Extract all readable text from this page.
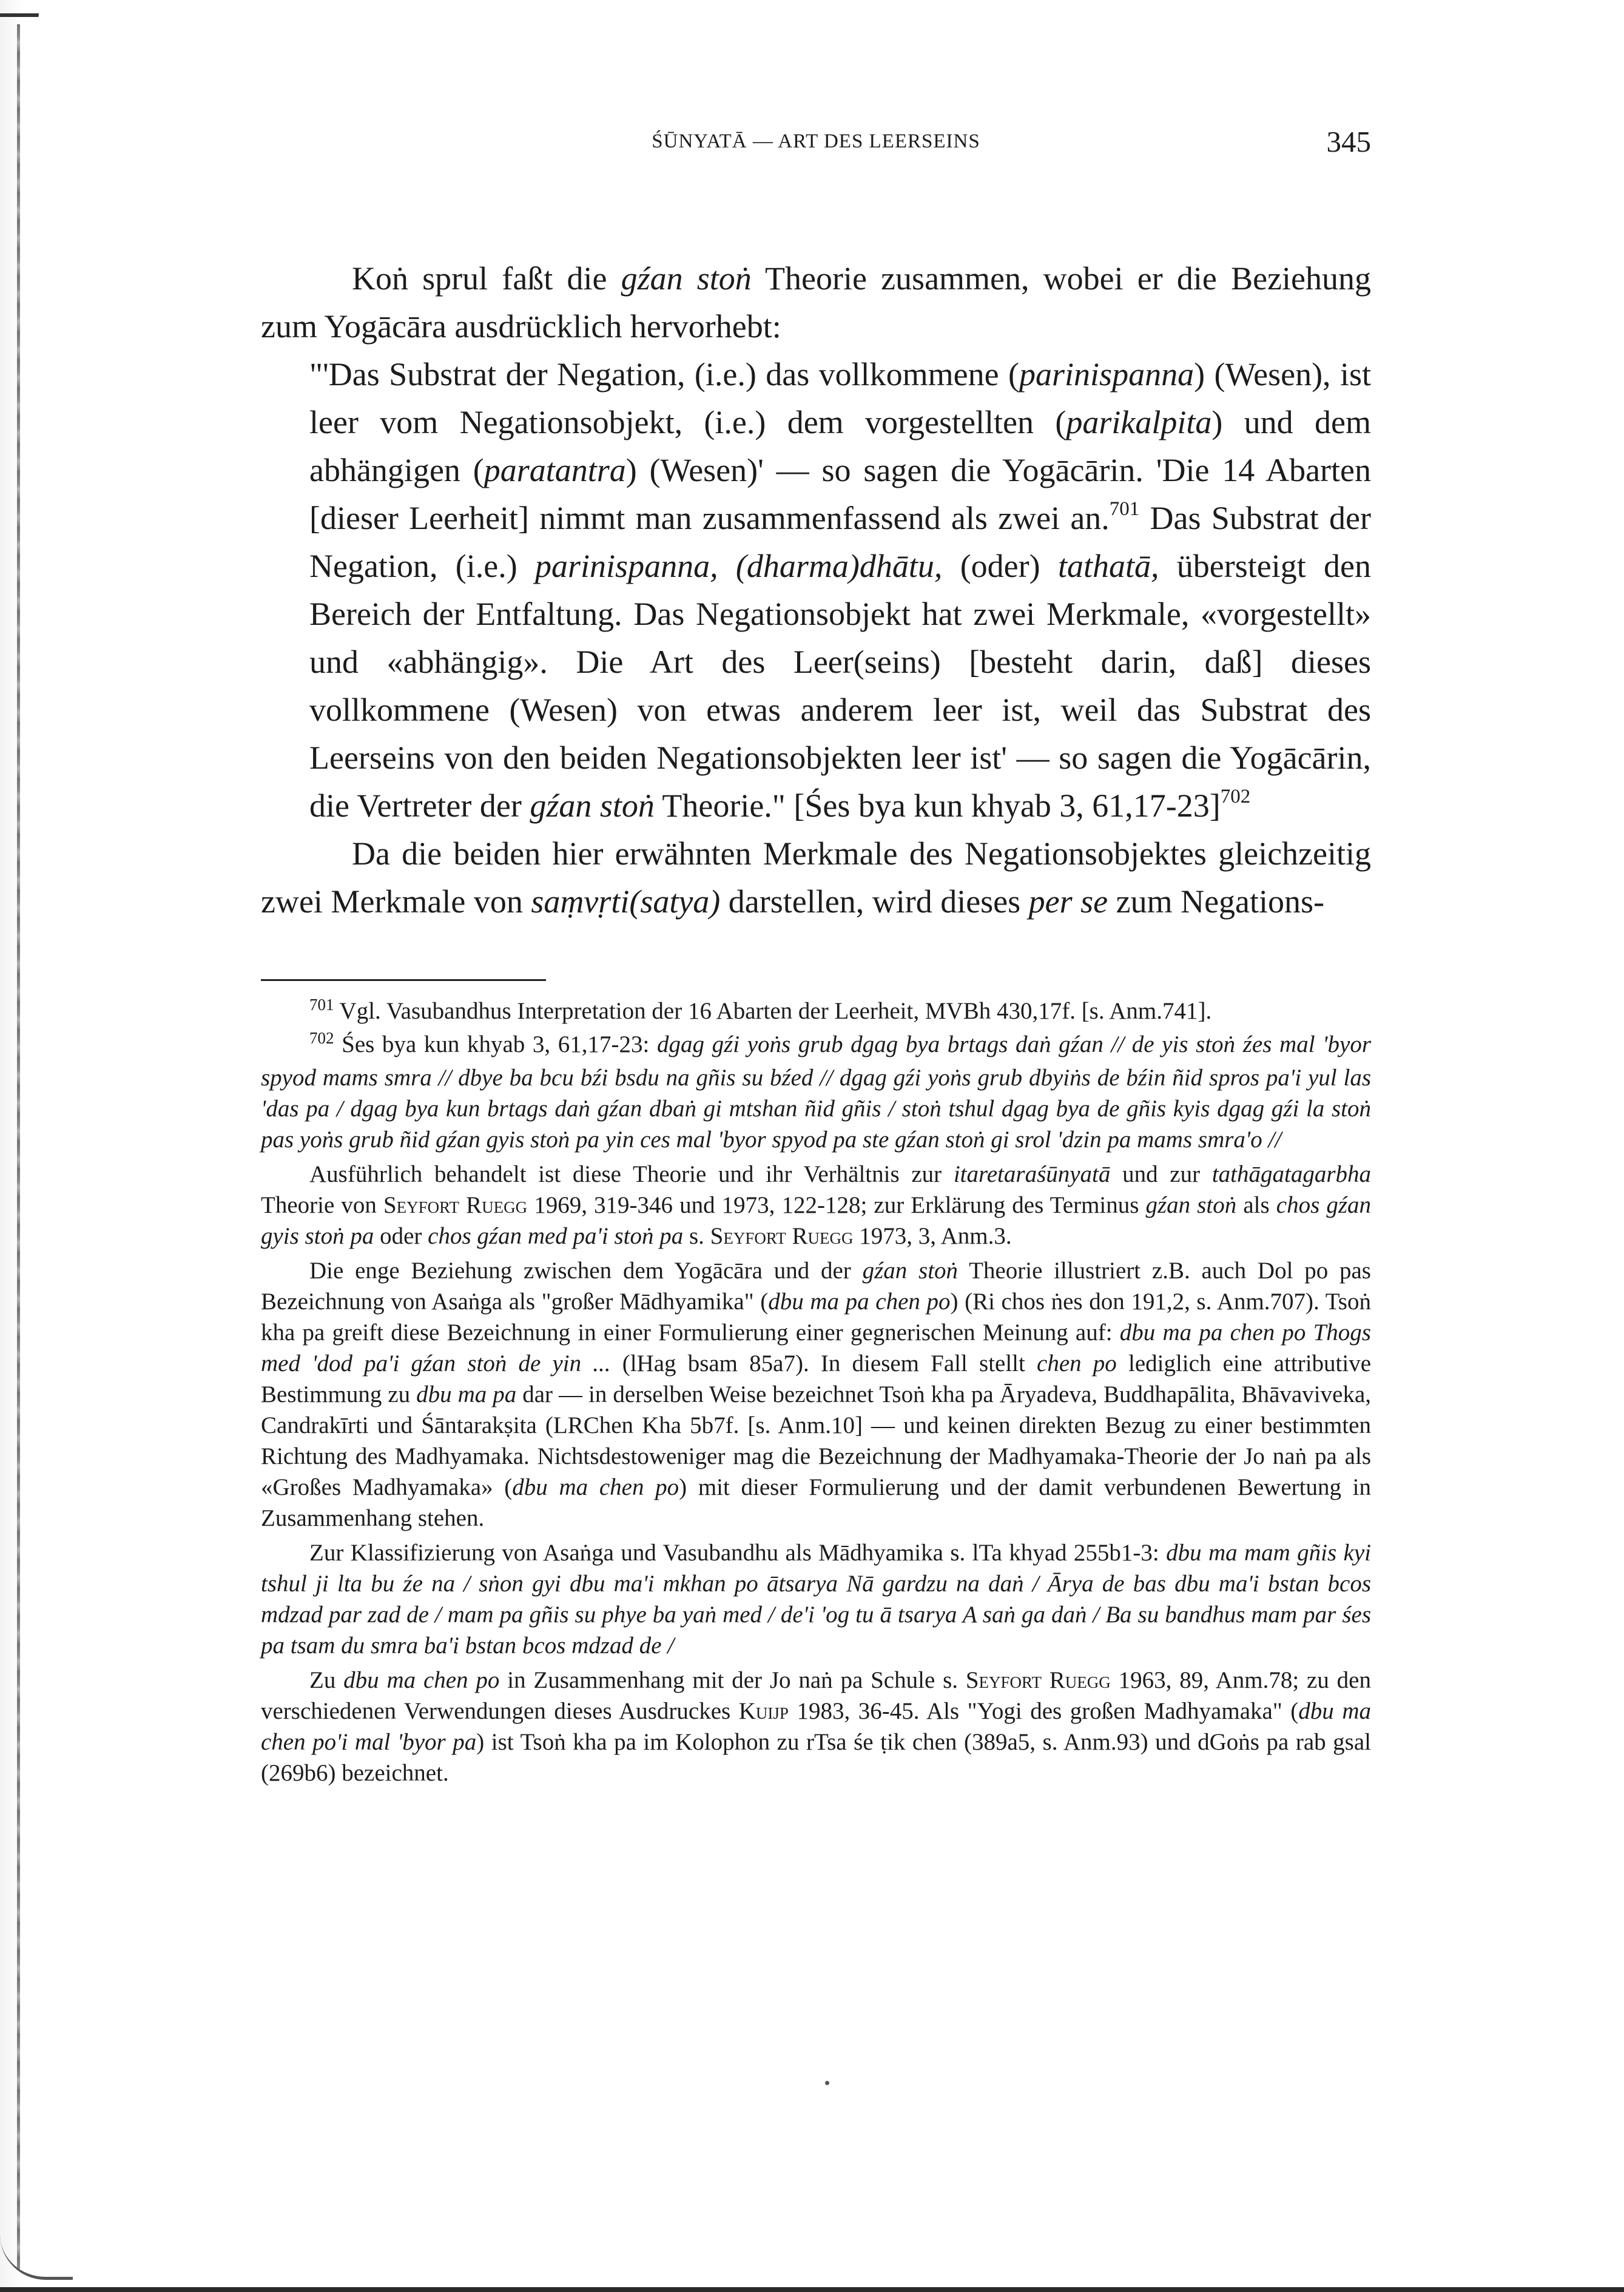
ŚŪNYATĀ — ART DES LEERSEINS	345

Koṅ sprul faßt die gźan stoṅ Theorie zusammen, wobei er die Beziehung zum Yogācāra ausdrücklich hervorhebt:

"'Das Substrat der Negation, (i.e.) das vollkommene (parinispanna) (Wesen), ist leer vom Negationsobjekt, (i.e.) dem vorgestellten (parikalpita) und dem abhängigen (paratantra) (Wesen)' — so sagen die Yogācārin. 'Die 14 Abarten [dieser Leerheit] nimmt man zusammenfassend als zwei an.$^{701}$ Das Substrat der Negation, (i.e.) parinispanna, (dharma)dhātu, (oder) tathatā, übersteigt den Bereich der Entfaltung. Das Negationsobjekt hat zwei Merkmale, «vorgestellt» und «abhängig». Die Art des Leer(seins) [besteht darin, daß] dieses vollkommene (Wesen) von etwas anderem leer ist, weil das Substrat des Leerseins von den beiden Negationsobjekten leer ist' — so sagen die Yogācārin, die Vertreter der gźan stoṅ Theorie." [Śes bya kun khyab 3, 61,17-23]$^{702}$

Da die beiden hier erwähnten Merkmale des Negationsobjektes gleichzeitig zwei Merkmale von saṃvṛti(satya) darstellen, wird dieses per se zum Negations-

$^{701}$ Vgl. Vasubandhus Interpretation der 16 Abarten der Leerheit, MVBh 430,17f. [s. Anm.741].

$^{702}$ Śes bya kun khyab 3, 61,17-23: dgag gźi yoṅs grub dgag bya brtags daṅ gźan // de yis stoṅ źes mal 'byor spyod mams smra // dbye ba bcu bźi bsdu na gñis su bźed // dgag gźi yoṅs grub dbyiṅs de bźin ñid spros pa'i yul las 'das pa / dgag bya kun brtags daṅ gźan dbaṅ gi mtshan ñid gñis / stoṅ tshul dgag bya de gñis kyis dgag gźi la stoṅ pas yoṅs grub ñid gźan gyis stoṅ pa yin ces mal 'byor spyod pa ste gźan stoṅ gi srol 'dzin pa mams smra'o //

Ausführlich behandelt ist diese Theorie und ihr Verhältnis zur itaretaraśūnyatā und zur tathāgatagarbha Theorie von Seyfort Ruegg 1969, 319-346 und 1973, 122-128; zur Erklärung des Terminus gźan stoṅ als chos gźan gyis stoṅ pa oder chos gźan med pa'i stoṅ pa s. Seyfort Ruegg 1973, 3, Anm.3.

Die enge Beziehung zwischen dem Yogācāra und der gźan stoṅ Theorie illustriert z.B. auch Dol po pas Bezeichnung von Asaṅga als "großer Mādhyamika" (dbu ma pa chen po) (Ri chos ṅes don 191,2, s. Anm.707). Tsoṅ kha pa greift diese Bezeichnung in einer Formulierung einer gegnerischen Meinung auf: dbu ma pa chen po Thogs med 'dod pa'i gźan stoṅ de yin ... (lHag bsam 85a7). In diesem Fall stellt chen po lediglich eine attributive Bestimmung zu dbu ma pa dar — in derselben Weise bezeichnet Tsoṅ kha pa Āryadeva, Buddhapālita, Bhāvaviveka, Candrakīrti und Śāntarakṣita (LRChen Kha 5b7f. [s. Anm.10] — und keinen direkten Bezug zu einer bestimmten Richtung des Madhyamaka. Nichtsdestoweniger mag die Bezeichnung der Madhyamaka-Theorie der Jo naṅ pa als «Großes Madhyamaka» (dbu ma chen po) mit dieser Formulierung und der damit verbundenen Bewertung in Zusammenhang stehen.

Zur Klassifizierung von Asaṅga und Vasubandhu als Mādhyamika s. lTa khyad 255b1-3: dbu ma mam gñis kyi tshul ji lta bu źe na / sṅon gyi dbu ma'i mkhan po ātsarya Nā gardzu na daṅ / Ārya de bas dbu ma'i bstan bcos mdzad par zad de / mam pa gñis su phye ba yaṅ med / de'i 'og tu ā tsarya A saṅ ga daṅ / Ba su bandhus mam par śes pa tsam du smra ba'i bstan bcos mdzad de /

Zu dbu ma chen po in Zusammenhang mit der Jo naṅ pa Schule s. Seyfort Ruegg 1963, 89, Anm.78; zu den verschiedenen Verwendungen dieses Ausdruckes Kuijp 1983, 36-45. Als "Yogi des großen Madhyamaka" (dbu ma chen po'i mal 'byor pa) ist Tsoṅ kha pa im Kolophon zu rTsa śe ṭik chen (389a5, s. Anm.93) und dGoṅs pa rab gsal (269b6) bezeichnet.
